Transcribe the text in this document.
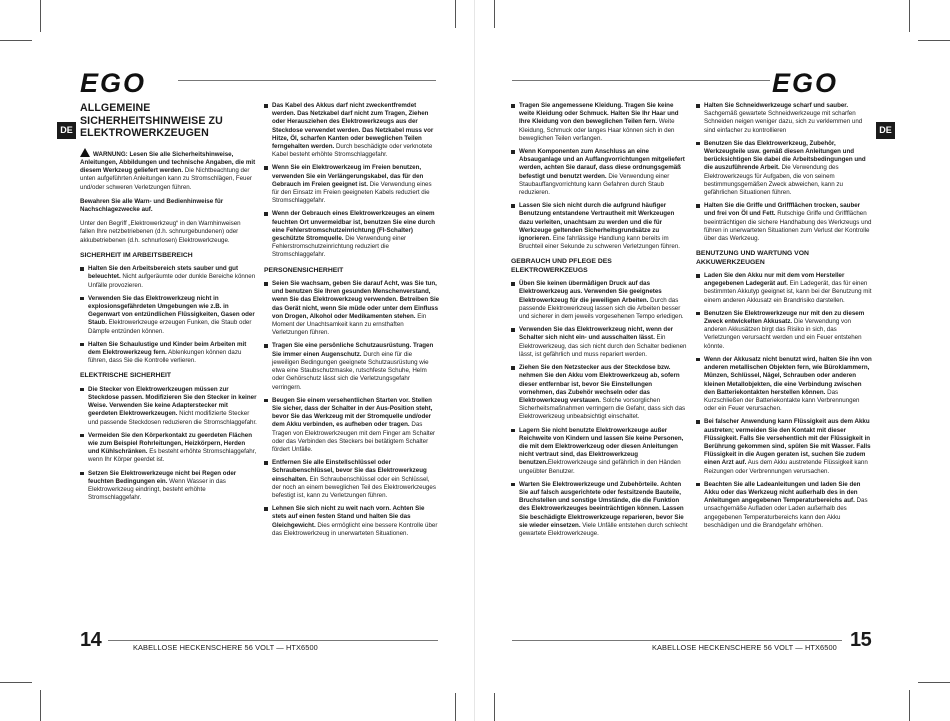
EGO
DE
ALLGEMEINE SICHERHEITSHINWEISE ZU ELEKTROWERKZEUGEN

WARNUNG: Lesen Sie alle Sicherheitshinweise, Anleitungen, Abbildungen und technische Angaben, die mit diesem Werkzeug geliefert werden. Die Nichtbeachtung der unten aufgeführten Anleitungen kann zu Stromschlägen, Feuer und/oder schweren Verletzungen führen.

Bewahren Sie alle Warn- und Bedienhinweise für Nachschlagezwecke auf.

Unter den Begriff „Elektrowerkzeug“ in den Warnhinweisen fallen Ihre netzbetriebenen (d.h. schnurgebundenen) oder akkubetriebenen (d.h. schnurlosen) Elektrowerkzeuge.

SICHERHEIT IM ARBEITSBEREICH
Halten Sie den Arbeitsbereich stets sauber und gut beleuchtet. Nicht aufgeräumte oder dunkle Bereiche können Unfälle provozieren.
Verwenden Sie das Elektrowerkzeug nicht in explosionsgefährdeten Umgebungen wie z.B. in Gegenwart von entzündlichen Flüssigkeiten, Gasen oder Staub. Elektrowerkzeuge erzeugen Funken, die Staub oder Dämpfe entzünden können.
Halten Sie Schaulustige und Kinder beim Arbeiten mit dem Elektrowerkzeug fern. Ablenkungen können dazu führen, dass Sie die Kontrolle verlieren.
ELEKTRISCHE SICHERHEIT
Die Stecker von Elektrowerkzeugen müssen zur Steckdose passen. Modifizieren Sie den Stecker in keiner Weise. Verwenden Sie keine Adapterstecker mit geerdeten Elektrowerkzeugen. Nicht modifizierte Stecker und passende Steckdosen reduzieren die Stromschlaggefahr.
Vermeiden Sie den Körperkontakt zu geerdeten Flächen wie zum Beispiel Rohrleitungen, Heizkörpern, Herden und Kühlschränken. Es besteht erhöhte Stromschlaggefahr, wenn Ihr Körper geerdet ist.
Setzen Sie Elektrowerkzeuge nicht bei Regen oder feuchten Bedingungen ein. Wenn Wasser in das Elektrowerkzeug eindringt, besteht erhöhte Stromschlaggefahr.
Das Kabel des Akkus darf nicht zweckentfremdet werden. Das Netzkabel darf nicht zum Tragen, Ziehen oder Herausziehen des Elektrowerkzeugs aus der Steckdose verwendet werden. Das Netzkabel muss vor Hitze, Öl, scharfen Kanten oder beweglichen Teilen ferngehalten werden. Durch beschädigte oder verknotete Kabel besteht erhöhte Stromschlaggefahr.
Wenn Sie ein Elektrowerkzeug im Freien benutzen, verwenden Sie ein Verlängerungskabel, das für den Gebrauch im Freien geeignet ist. Die Verwendung eines für den Einsatz im Freien geeigneten Kabels reduziert die Stromschlaggefahr.
Wenn der Gebrauch eines Elektrowerkzeuges an einem feuchten Ort unvermeidbar ist, benutzen Sie eine durch eine Fehlerstromschutzeinrichtung (FI-Schalter) geschützte Stromquelle. Die Verwendung einer Fehlerstromschutzeinrichtung reduziert die Stromschlaggefahr.
PERSONENSICHERHEIT
Seien Sie wachsam, geben Sie darauf Acht, was Sie tun, und benutzen Sie Ihren gesunden Menschenverstand, wenn Sie das Elektrowerkzeug verwenden. Betreiben Sie das Gerät nicht, wenn Sie müde oder unter dem Einfluss von Drogen, Alkohol oder Medikamenten stehen. Ein Moment der Unachtsamkeit kann zu ernsthaften Verletzungen führen.
Tragen Sie eine persönliche Schutzausrüstung. Tragen Sie immer einen Augenschutz. Durch eine für die jeweiligen Bedingungen geeignete Schutzausrüstung wie etwa eine Staubschutzmaske, rutschfeste Schuhe, Helm oder Gehörschutz lässt sich die Verletzungsgefahr verringern.
Beugen Sie einem versehentlichen Starten vor. Stellen Sie sicher, dass der Schalter in der Aus-Position steht, bevor Sie das Werkzeug mit der Stromquelle und/oder dem Akku verbinden, es aufheben oder tragen. Das Tragen von Elektrowerkzeugen mit dem Finger am Schalter oder das Verbinden des Steckers bei betätigtem Schalter fördert Unfälle.
Entfernen Sie alle Einstellschlüssel oder Schraubenschlüssel, bevor Sie das Elektrowerkzeug einschalten. Ein Schraubenschlüssel oder ein Schlüssel, der noch an einem beweglichen Teil des Elektrowerkzeuges befestigt ist, kann zu Verletzungen führen.
Lehnen Sie sich nicht zu weit nach vorn. Achten Sie stets auf einen festen Stand und halten Sie das Gleichgewicht. Dies ermöglicht eine bessere Kontrolle über das Elektrowerkzeug in unerwarteten Situationen.
14	KABELLOSE HECKENSCHERE 56 VOLT — HTX6500
EGO
DE
Tragen Sie angemessene Kleidung. Tragen Sie keine weite Kleidung oder Schmuck. Halten Sie Ihr Haar und Ihre Kleidung von den beweglichen Teilen fern. Weite Kleidung, Schmuck oder langes Haar können sich in den beweglichen Teilen verfangen.
Wenn Komponenten zum Anschluss an eine Absauganlage und an Auffangvorrichtungen mitgeliefert werden, achten Sie darauf, dass diese ordnungsgemäß befestigt und benutzt werden. Die Verwendung einer Staubauffangvorrichtung kann Gefahren durch Staub reduzieren.
Lassen Sie sich nicht durch die aufgrund häufiger Benutzung entstandene Vertrautheit mit Werkzeugen dazu verleiten, unachtsam zu werden und die für Werkzeuge geltenden Sicherheitsgrundsätze zu ignorieren. Eine fahrlässige Handlung kann bereits im Bruchteil einer Sekunde zu schweren Verletzungen führen.
GEBRAUCH UND PFLEGE DES ELEKTROWERKZEUGS
Üben Sie keinen übermäßigen Druck auf das Elektrowerkzeug aus. Verwenden Sie geeignetes Elektrowerkzeug für die jeweiligen Arbeiten. Durch das passende Elektrowerkzeug lassen sich die Arbeiten besser und sicherer in dem jeweils vorgesehenen Tempo erledigen.
Verwenden Sie das Elektrowerkzeug nicht, wenn der Schalter sich nicht ein- und ausschalten lässt. Ein Elektrowerkzeug, das sich nicht durch den Schalter bedienen lässt, ist gefährlich und muss repariert werden.
Ziehen Sie den Netzstecker aus der Steckdose bzw. nehmen Sie den Akku vom Elektrowerkzeug ab, sofern dieser entfernbar ist, bevor Sie Einstellungen vornehmen, das Zubehör wechseln oder das Elektrowerkzeug verstauen. Solche vorsorglichen Sicherheitsmaßnahmen verringern die Gefahr, dass sich das Elektrowerkzeug unbeabsichtigt einschaltet.
Lagern Sie nicht benutzte Elektrowerkzeuge außer Reichweite von Kindern und lassen Sie keine Personen, die mit dem Elektrowerkzeug oder diesen Anleitungen nicht vertraut sind, das Elektrowerkzeug benutzen.Elektrowerkzeuge sind gefährlich in den Händen ungeübter Benutzer.
Warten Sie Elektrowerkzeuge und Zubehörteile. Achten Sie auf falsch ausgerichtete oder festsitzende Bauteile, Bruchstellen und sonstige Umstände, die die Funktion des Elektrowerkzeuges beeinträchtigen können. Lassen Sie beschädigte Elektrowerkzeuge reparieren, bevor Sie sie wieder einsetzen. Viele Unfälle entstehen durch schlecht gewartete Elektrowerkzeuge.
Halten Sie Schneidwerkzeuge scharf und sauber. Sachgemäß gewartete Schneidwerkzeuge mit scharfen Schneiden neigen weniger dazu, sich zu verklemmen und sind einfacher zu kontrollieren
Benutzen Sie das Elektrowerkzeug, Zubehör, Werkzeugteile usw. gemäß diesen Anleitungen und berücksichtigen Sie dabei die Arbeitsbedingungen und die auszuführende Arbeit. Die Verwendung des Elektrowerkzeugs für Aufgaben, die von seinem bestimmungsgemäßen Zweck abweichen, kann zu gefährlichen Situationen führen.
Halten Sie die Griffe und Griffflächen trocken, sauber und frei von Öl und Fett. Rutschige Griffe und Griffflächen beeinträchtigen die sichere Handhabung des Werkzeugs und führen in unerwarteten Situationen zum Verlust der Kontrolle über das Werkzeug.
BENUTZUNG UND WARTUNG VON AKKUWERKZEUGEN
Laden Sie den Akku nur mit dem vom Hersteller angegebenen Ladegerät auf. Ein Ladegerät, das für einen bestimmten Akkutyp geeignet ist, kann bei der Benutzung mit einem anderen Akkusatz ein Brandrisiko darstellen.
Benutzen Sie Elektrowerkzeuge nur mit den zu diesem Zweck entwickelten Akkusatz. Die Verwendung von anderen Akkusätzen birgt das Risiko in sich, das Verletzungen verursacht werden und ein Feuer entstehen könnte.
Wenn der Akkusatz nicht benutzt wird, halten Sie ihn von anderen metallischen Objekten fern, wie Büroklammern, Münzen, Schlüssel, Nägel, Schrauben oder anderen kleinen Metallobjekten, die eine Verbindung zwischen den Batteriekontakten herstellen können. Das Kurzschließen der Batteriekontakte kann Verbrennungen oder ein Feuer verursachen.
Bei falscher Anwendung kann Flüssigkeit aus dem Akku austreten; vermeiden Sie den Kontakt mit dieser Flüssigkeit. Falls Sie versehentlich mit der Flüssigkeit in Berührung gekommen sind, spülen Sie mit Wasser. Falls Flüssigkeit in die Augen geraten ist, suchen Sie zudem einen Arzt auf. Aus dem Akku austretende Flüssigkeit kann Reizungen oder Verbrennungen verursachen.
Beachten Sie alle Ladeanleitungen und laden Sie den Akku oder das Werkzeug nicht außerhalb des in den Anleitungen angegebenen Temperaturbereichs auf. Das unsachgemäße Aufladen oder Laden außerhalb des angegebenen Temperaturbereichs kann den Akku beschädigen und die Brandgefahr erhöhen.
KABELLOSE HECKENSCHERE 56 VOLT — HTX6500 15
